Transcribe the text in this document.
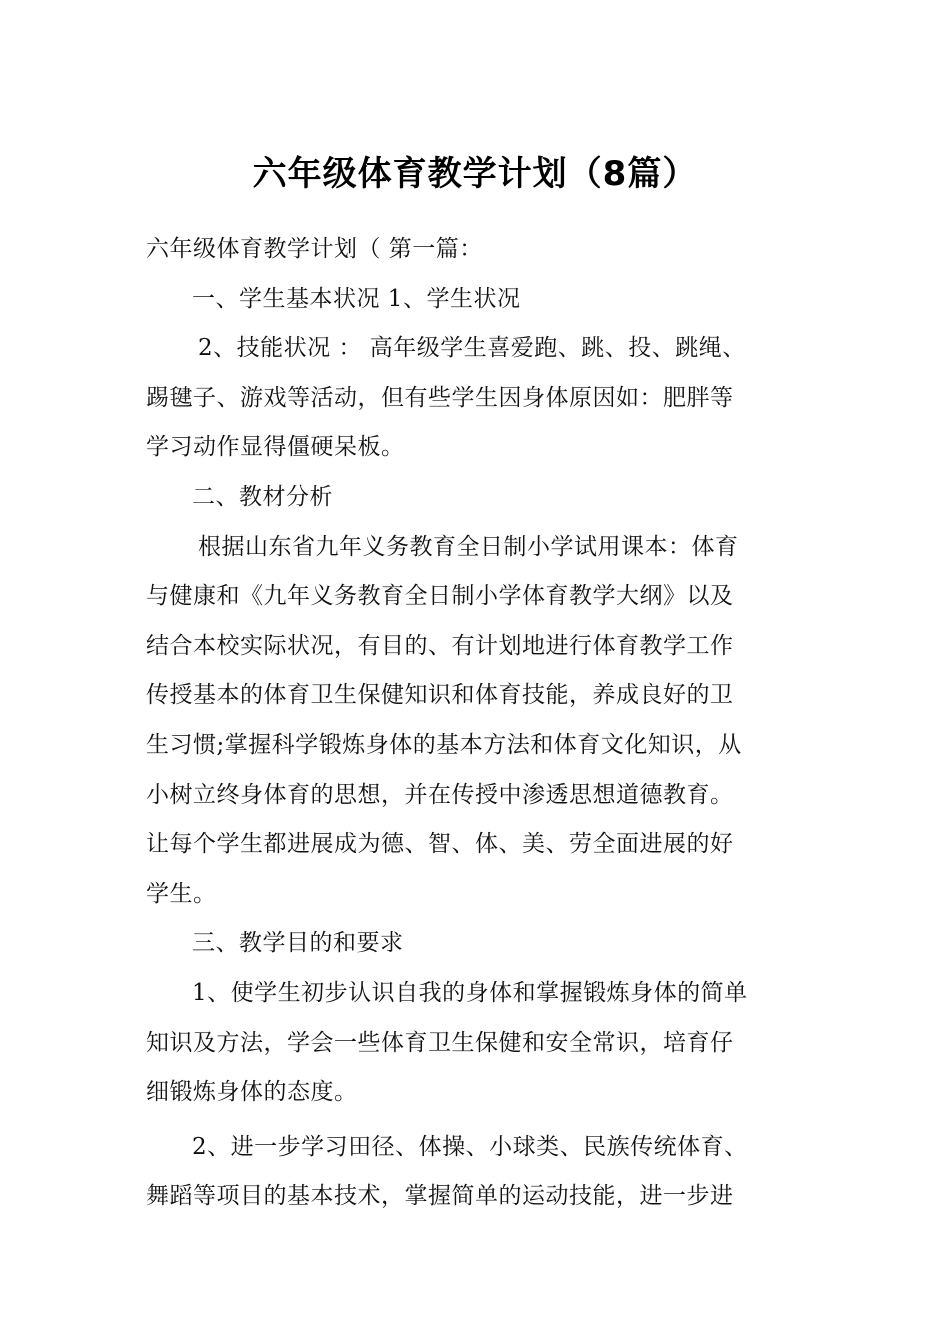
六年级体育教学计划（8篇）

六年级体育教学计划（ 第一篇：

一、学生基本状况 1、学生状况

2、技能状况 ： 高年级学生喜爱跑、跳、投、跳绳、

踢毽子、游戏等活动，但有些学生因身体原因如：肥胖等

学习动作显得僵硬呆板。

二、教材分析

根据山东省九年义务教育全日制小学试用课本：体育

与健康和《九年义务教育全日制小学体育教学大纲》以及

结合本校实际状况，有目的、有计划地进行体育教学工作

传授基本的体育卫生保健知识和体育技能，养成良好的卫

生习惯;掌握科学锻炼身体的基本方法和体育文化知识，从

小树立终身体育的思想，并在传授中渗透思想道德教育。

让每个学生都进展成为德、智、体、美、劳全面进展的好

学生。

三、教学目的和要求

1、使学生初步认识自我的身体和掌握锻炼身体的简单

知识及方法，学会一些体育卫生保健和安全常识，培育仔

细锻炼身体的态度。

2、进一步学习田径、体操、小球类、民族传统体育、

舞蹈等项目的基本技术，掌握简单的运动技能，进一步进
